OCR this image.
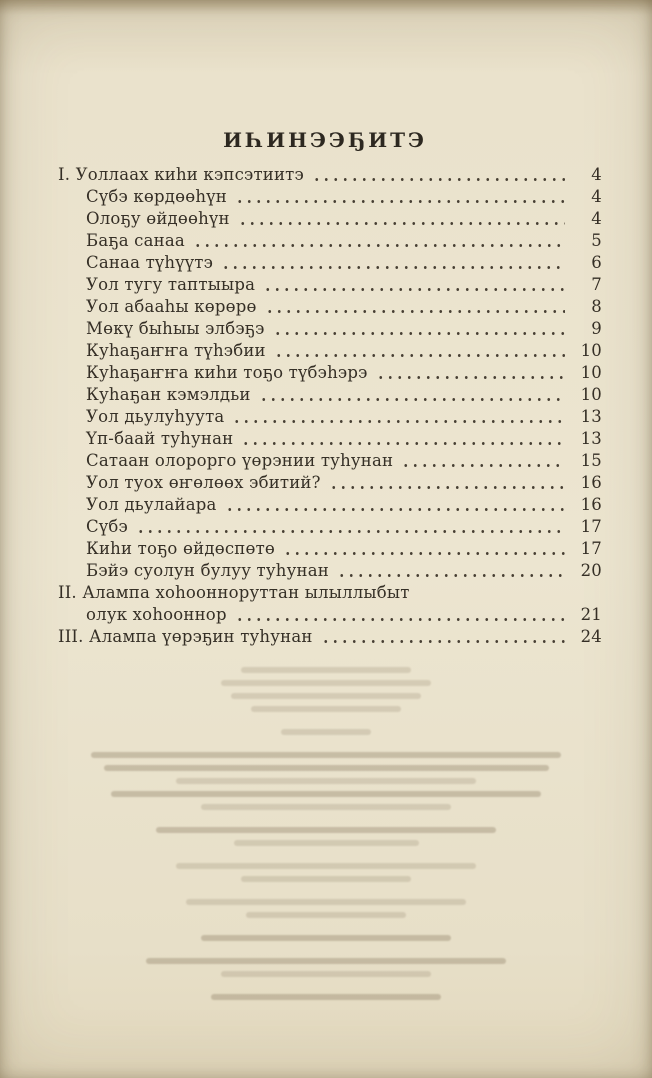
ИҺИНЭЭҔИТЭ
I. Уоллаах киһи кэпсэтиитэ	4
Сүбэ көрдөөһүн	4
Олоҕу өйдөөһүн	4
Баҕа санаа	5
Санаа түһүүтэ	6
Уол тугу таптыыра	7
Уол абааһы көрөрө	8
Мөкү быһыы элбэҕэ	9
Куһаҕаҥҥа түһэбии	10
Куһаҕаҥҥа киһи тоҕо түбэһэрэ	10
Куһаҕан кэмэлдьи	10
Уол дьулуһуута	13
Үп-баай туһунан	13
Сатаан олорорго үөрэнии туһунан	15
Уол туох өҥөлөөх эбитий?	16
Уол дьулайара	16
Сүбэ	17
Киһи тоҕо өйдөспөтө	17
Бэйэ суолун булуу туһунан	20
II. Алампа хоһоонноруттан ылыллыбыт
олук хоһооннор	21
III. Алампа үөрэҕин туһунан	24
